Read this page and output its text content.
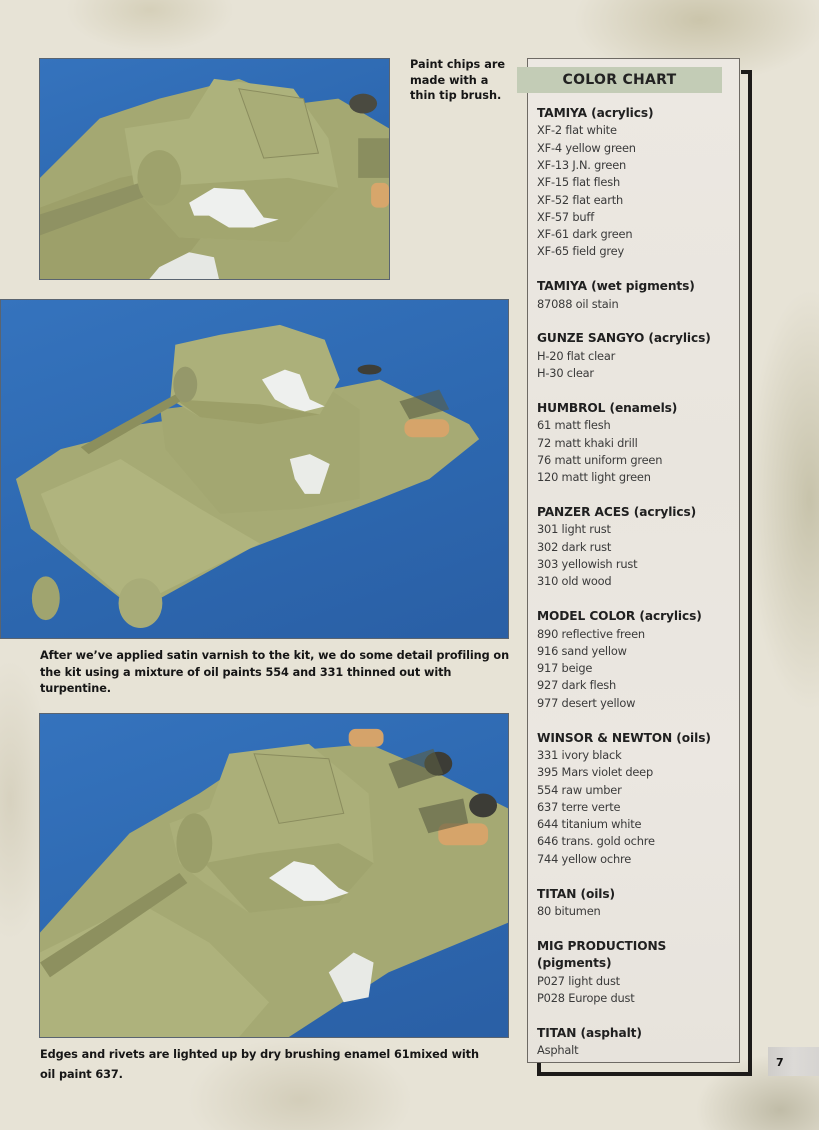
Paint chips are made with a thin tip brush.
After we’ve applied satin varnish to the kit, we do some detail profiling on the kit using a mixture of oil paints 554 and 331 thinned out with turpentine.
Edges and rivets are lighted up by dry brushing enamel 61mixed with oil paint 637.
COLOR CHART
TAMIYA (acrylics)
XF-2 flat white
XF-4 yellow green
XF-13 J.N. green
XF-15 flat flesh
XF-52 flat earth
XF-57 buff
XF-61 dark green
XF-65 field grey
TAMIYA (wet pigments)
87088 oil stain
GUNZE SANGYO (acrylics)
H-20 flat clear
H-30 clear
HUMBROL (enamels)
61 matt flesh
72 matt khaki drill
76 matt uniform green
120 matt light green
PANZER ACES (acrylics)
301 light rust
302 dark rust
303 yellowish rust
310 old wood
MODEL COLOR (acrylics)
890 reflective freen
916 sand yellow
917 beige
927 dark flesh
977 desert yellow
WINSOR & NEWTON (oils)
331 ivory black
395 Mars violet deep
554 raw umber
637 terre verte
644 titanium white
646 trans. gold ochre
744 yellow ochre
TITAN (oils)
80 bitumen
MIG PRODUCTIONS (pigments)
P027 light dust
P028 Europe dust
TITAN (asphalt)
Asphalt
7
